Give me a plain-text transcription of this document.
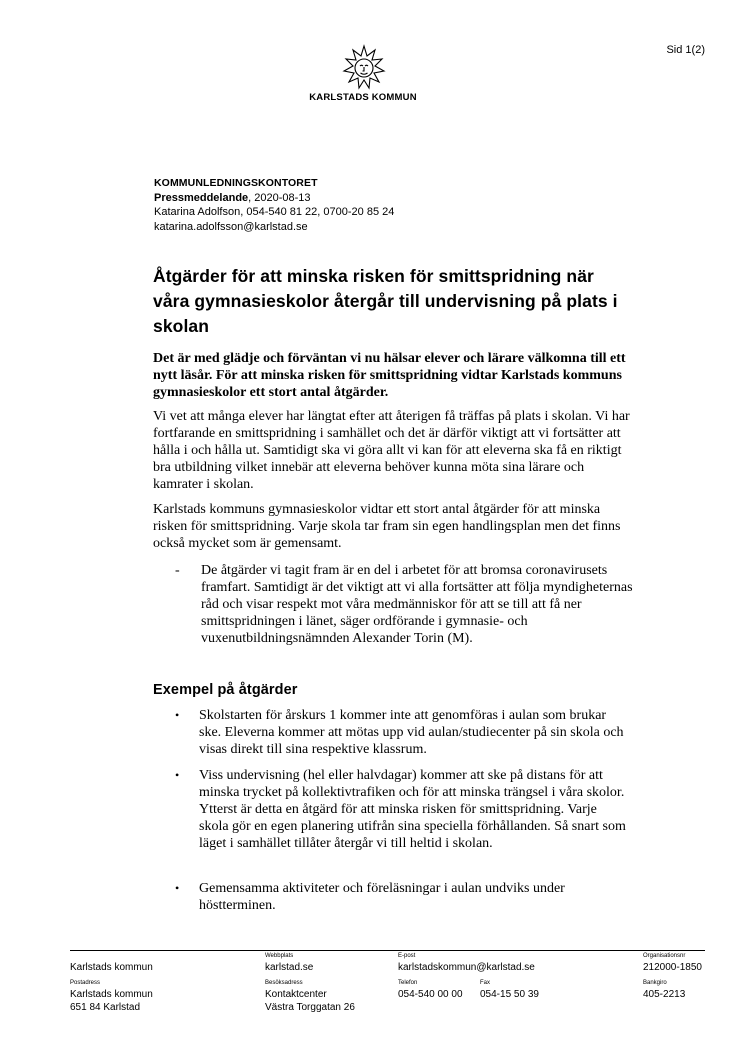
Sid 1(2)
KARLSTADS KOMMUN
KOMMUNLEDNINGSKONTORET
Pressmeddelande, 2020-08-13
Katarina Adolfson, 054-540 81 22, 0700-20 85 24
katarina.adolfsson@karlstad.se
Åtgärder för att minska risken för smittspridning när våra gymnasieskolor återgår till undervisning på plats i skolan
Det är med glädje och förväntan vi nu hälsar elever och lärare välkomna till ett nytt läsår. För att minska risken för smittspridning vidtar Karlstads kommuns gymnasieskolor ett stort antal åtgärder.
Vi vet att många elever har längtat efter att återigen få träffas på plats i skolan. Vi har fortfarande en smittspridning i samhället och det är därför viktigt att vi fortsätter att hålla i och hålla ut. Samtidigt ska vi göra allt vi kan för att eleverna ska få en riktigt bra utbildning vilket innebär att eleverna behöver kunna möta sina lärare och kamrater i skolan.
Karlstads kommuns gymnasieskolor vidtar ett stort antal åtgärder för att minska risken för smittspridning. Varje skola tar fram sin egen handlingsplan men det finns också mycket som är gemensamt.
- De åtgärder vi tagit fram är en del i arbetet för att bromsa coronavirusets framfart. Samtidigt är det viktigt att vi alla fortsätter att följa myndigheternas råd och visar respekt mot våra medmänniskor för att se till att få ner smittspridningen i länet, säger ordförande i gymnasie- och vuxenutbildningsnämnden Alexander Torin (M).
Exempel på åtgärder
• Skolstarten för årskurs 1 kommer inte att genomföras i aulan som brukar ske. Eleverna kommer att mötas upp vid aulan/studiecenter på sin skola och visas direkt till sina respektive klassrum.
• Viss undervisning (hel eller halvdagar) kommer att ske på distans för att minska trycket på kollektivtrafiken och för att minska trängsel i våra skolor. Ytterst är detta en åtgärd för att minska risken för smittspridning. Varje skola gör en egen planering utifrån sina speciella förhållanden. Så snart som läget i samhället tillåter återgår vi till heltid i skolan.
• Gemensamma aktiviteter och föreläsningar i aulan undviks under höstterminen.
Karlstads kommun
Webbplats
karlstad.se
E-post
karlstadskommun@karlstad.se
Organisationsnr
212000-1850
Postadress
Karlstads kommun
651 84 Karlstad
Besöksadress
Kontaktcenter
Västra Torggatan 26
Telefon
054-540 00 00
Fax
054-15 50 39
Bankgiro
405-2213
